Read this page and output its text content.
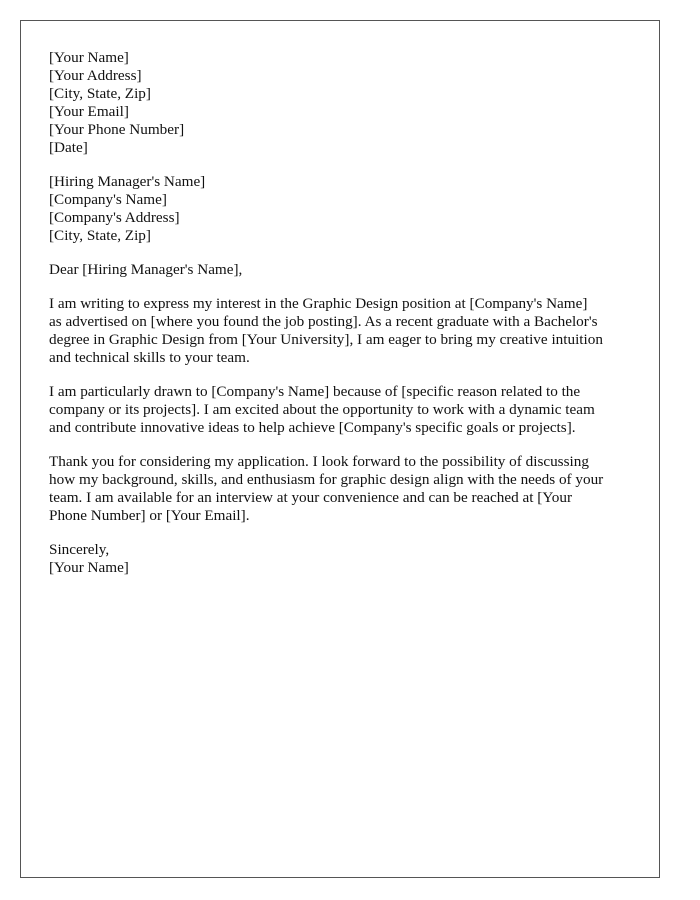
[Your Name]
[Your Address]
[City, State, Zip]
[Your Email]
[Your Phone Number]
[Date]
[Hiring Manager's Name]
[Company's Name]
[Company's Address]
[City, State, Zip]
Dear [Hiring Manager's Name],
I am writing to express my interest in the Graphic Design position at [Company's Name]
as advertised on [where you found the job posting]. As a recent graduate with a Bachelor's
degree in Graphic Design from [Your University], I am eager to bring my creative intuition
and technical skills to your team.
I am particularly drawn to [Company's Name] because of [specific reason related to the
company or its projects]. I am excited about the opportunity to work with a dynamic team
and contribute innovative ideas to help achieve [Company's specific goals or projects].
Thank you for considering my application. I look forward to the possibility of discussing
how my background, skills, and enthusiasm for graphic design align with the needs of your
team. I am available for an interview at your convenience and can be reached at [Your
Phone Number] or [Your Email].
Sincerely,
[Your Name]
